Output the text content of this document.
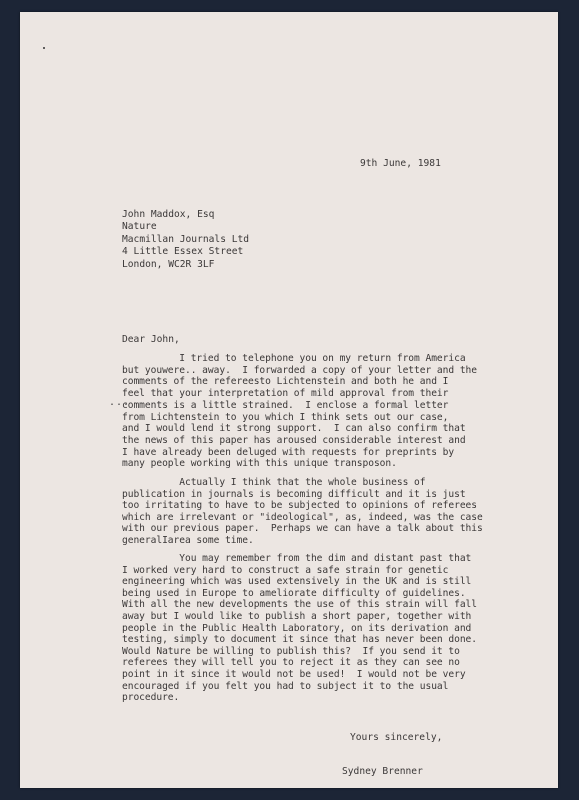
9th June, 1981

John Maddox, Esq
Nature
Macmillan Journals Ltd
4 Little Essex Street
London, WC2R 3LF

Dear John,

...

I tried to telephone you on my return from America
but youwere.. away.  I forwarded a copy of your letter and the
comments of the refereesto Lichtenstein and both he and I
feel that your interpretation of mild approval from their
comments is a little strained.  I enclose a formal letter
from Lichtenstein to you which I think sets out our case,
and I would lend it strong support.  I can also confirm that
the news of this paper has aroused considerable interest and
I have already been deluged with requests for preprints by
many people working with this unique transposon.

Actually I think that the whole business of
publication in journals is becoming difficult and it is just
too irritating to have to be subjected to opinions of referees
which are irrelevant or "ideological", as, indeed, was the case
with our previous paper.  Perhaps we can have a talk about this
generalIarea some time.

You may remember from the dim and distant past that
I worked very hard to construct a safe strain for genetic
engineering which was used extensively in the UK and is still
being used in Europe to ameliorate difficulty of guidelines.
With all the new developments the use of this strain will fall
away but I would like to publish a short paper, together with
people in the Public Health Laboratory, on its derivation and
testing, simply to document it since that has never been done.
Would Nature be willing to publish this?  If you send it to
referees they will tell you to reject it as they can see no
point in it since it would not be used!  I would not be very
encouraged if you felt you had to subject it to the usual
procedure.

Yours sincerely,

Sydney Brenner
